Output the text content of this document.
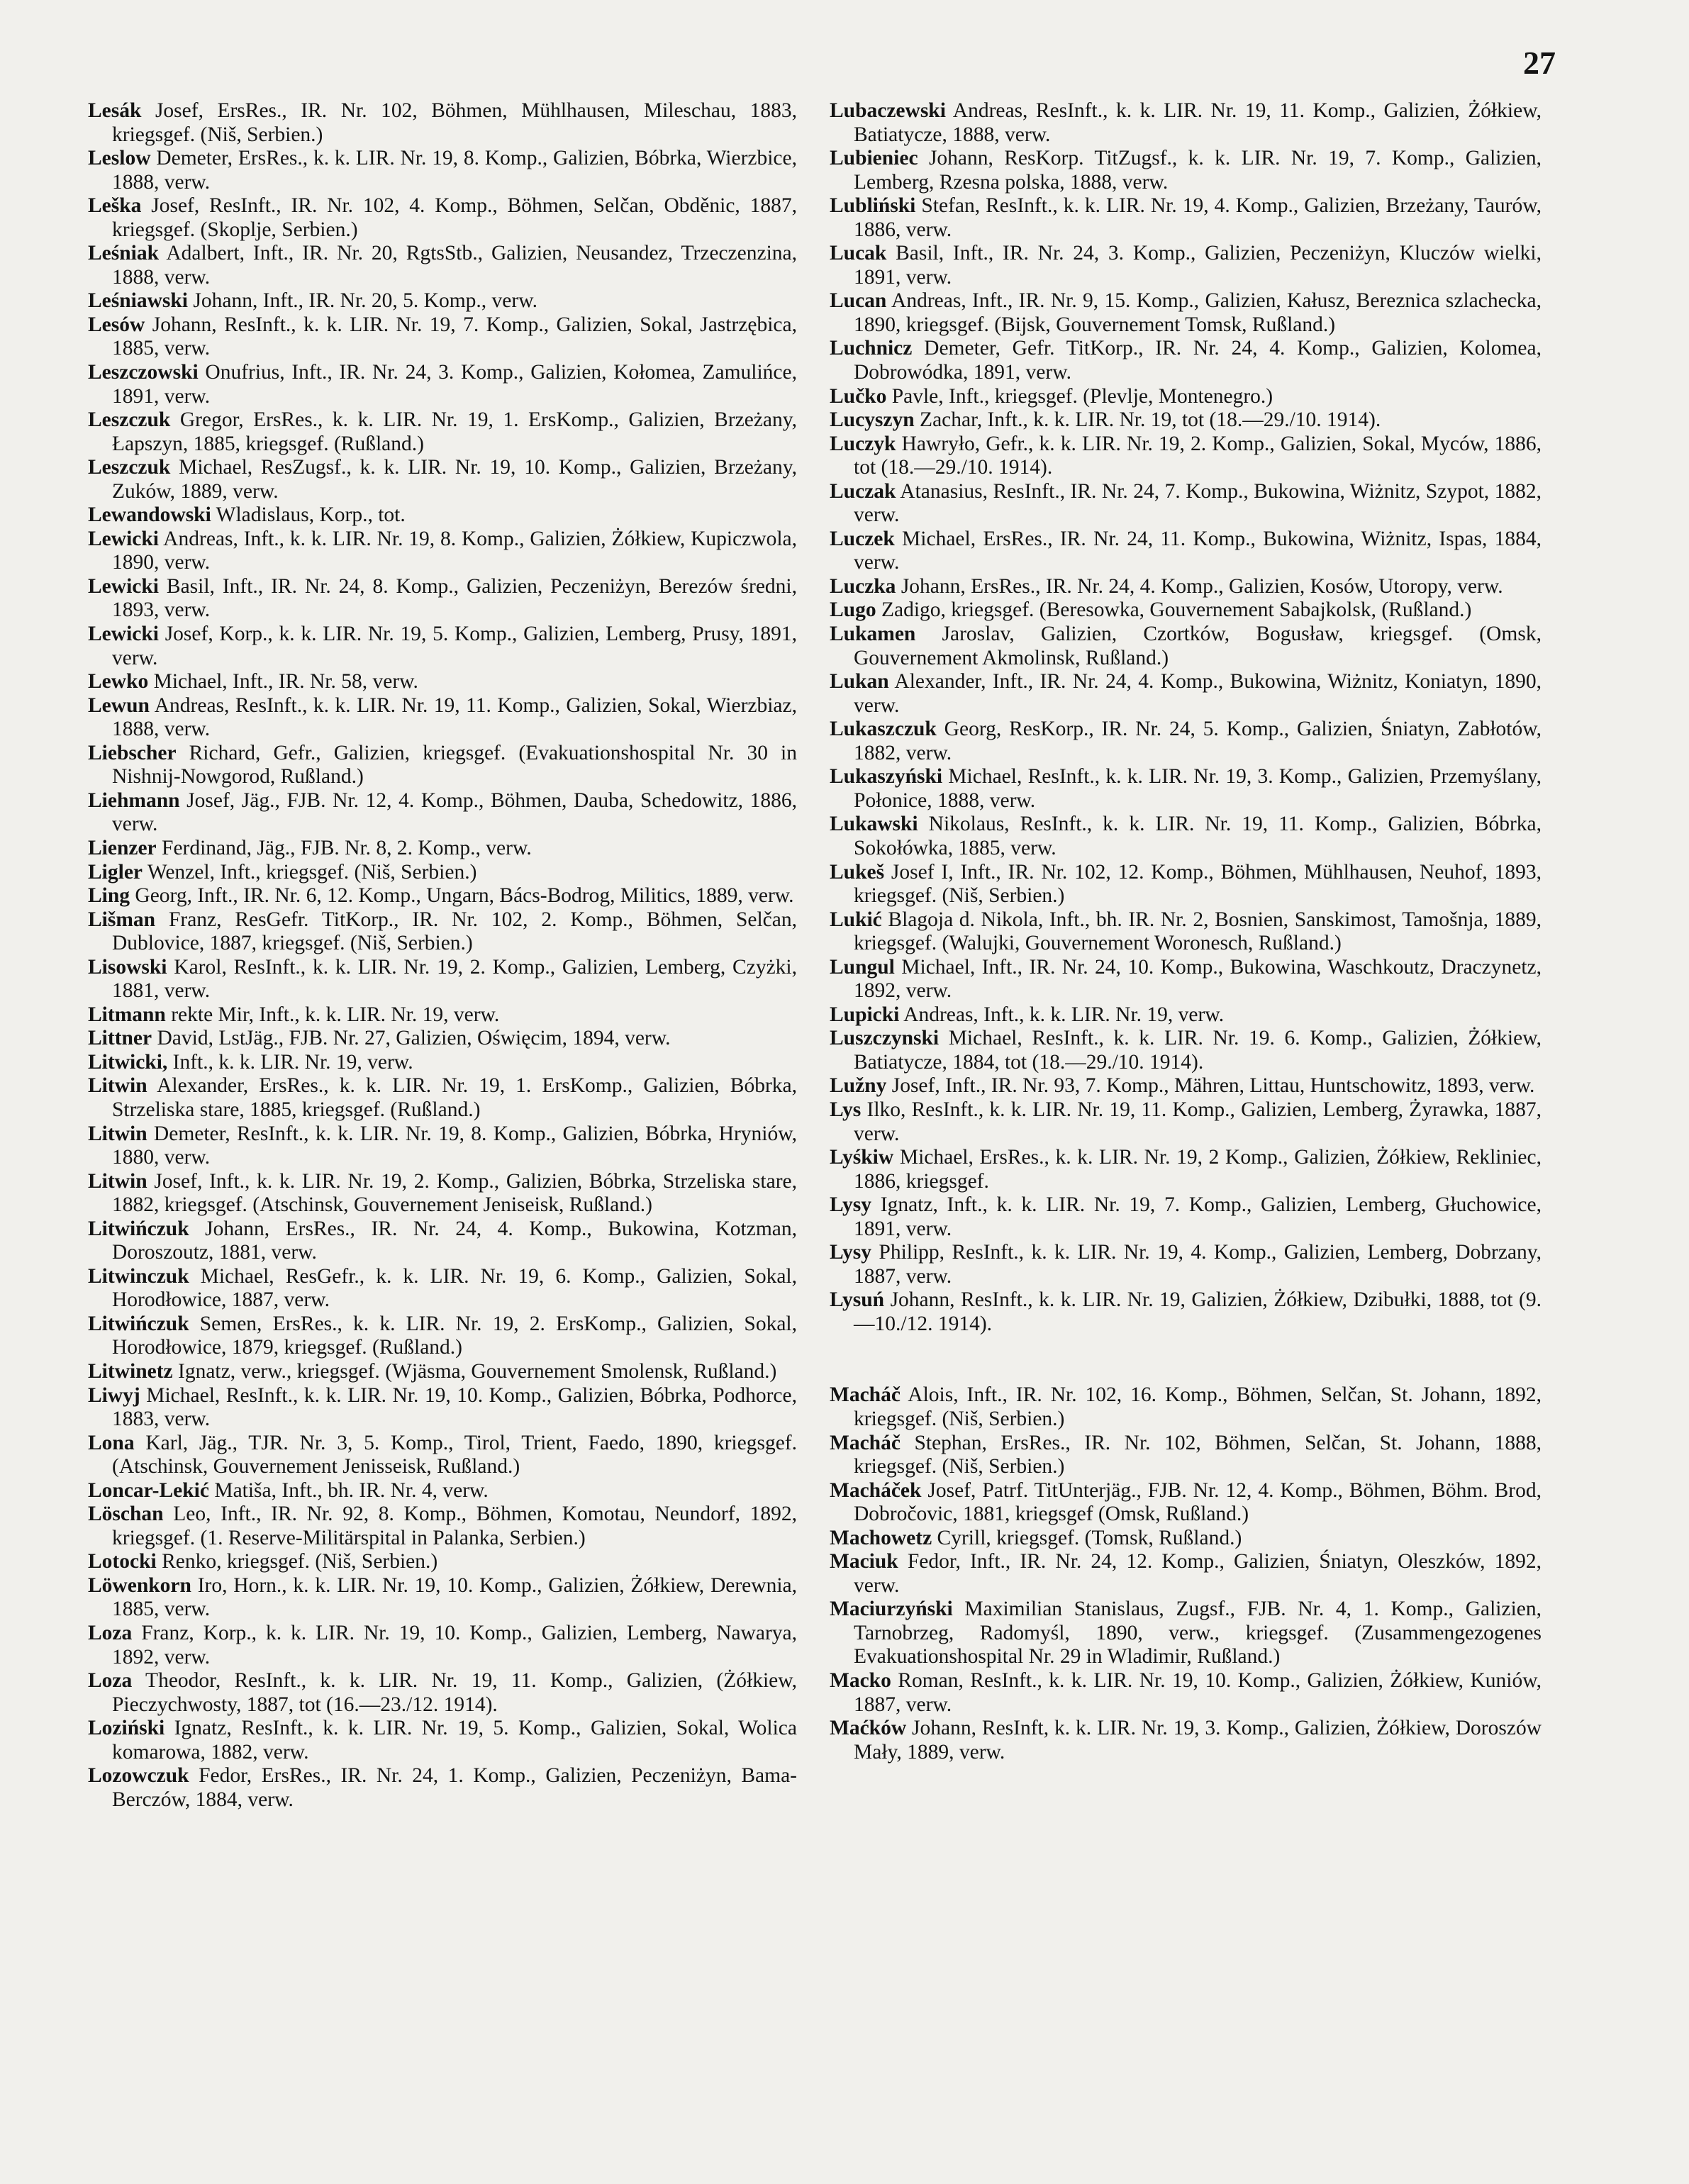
27
Lesák Josef, ErsRes., IR. Nr. 102, Böhmen, Mühlhausen, Mileschau, 1883, kriegsgef. (Niš, Serbien.)
Leslow Demeter, ErsRes., k. k. LIR. Nr. 19, 8. Komp., Galizien, Bóbrka, Wierzbice, 1888, verw.
Leška Josef, ResInft., IR. Nr. 102, 4. Komp., Böhmen, Selčan, Obděnic, 1887, kriegsgef. (Skoplje, Serbien.)
Leśniak Adalbert, Inft., IR. Nr. 20, RgtsStb., Galizien, Neusandez, Trzeczenzina, 1888, verw.
Leśniawski Johann, Inft., IR. Nr. 20, 5. Komp., verw.
Lesów Johann, ResInft., k. k. LIR. Nr. 19, 7. Komp., Galizien, Sokal, Jastrzębica, 1885, verw.
Leszczowski Onufrius, Inft., IR. Nr. 24, 3. Komp., Galizien, Kołomea, Zamulińce, 1891, verw.
Leszczuk Gregor, ErsRes., k. k. LIR. Nr. 19, 1. ErsKomp., Galizien, Brzeżany, Łapszyn, 1885, kriegsgef. (Rußland.)
Leszczuk Michael, ResZugsf., k. k. LIR. Nr. 19, 10. Komp., Galizien, Brzeżany, Zuków, 1889, verw.
Lewandowski Wladislaus, Korp., tot.
Lewicki Andreas, Inft., k. k. LIR. Nr. 19, 8. Komp., Galizien, Żółkiew, Kupiczwola, 1890, verw.
Lewicki Basil, Inft., IR. Nr. 24, 8. Komp., Galizien, Peczeniżyn, Berezów średni, 1893, verw.
Lewicki Josef, Korp., k. k. LIR. Nr. 19, 5. Komp., Galizien, Lemberg, Prusy, 1891, verw.
Lewko Michael, Inft., IR. Nr. 58, verw.
Lewun Andreas, ResInft., k. k. LIR. Nr. 19, 11. Komp., Galizien, Sokal, Wierzbiaz, 1888, verw.
Liebscher Richard, Gefr., Galizien, kriegsgef. (Evakuationshospital Nr. 30 in Nishnij-Nowgorod, Rußland.)
Liehmann Josef, Jäg., FJB. Nr. 12, 4. Komp., Böhmen, Dauba, Schedowitz, 1886, verw.
Lienzer Ferdinand, Jäg., FJB. Nr. 8, 2. Komp., verw.
Ligler Wenzel, Inft., kriegsgef. (Niš, Serbien.)
Ling Georg, Inft., IR. Nr. 6, 12. Komp., Ungarn, Bács-Bodrog, Militics, 1889, verw.
Lišman Franz, ResGefr. TitKorp., IR. Nr. 102, 2. Komp., Böhmen, Selčan, Dublovice, 1887, kriegsgef. (Niš, Serbien.)
Lisowski Karol, ResInft., k. k. LIR. Nr. 19, 2. Komp., Galizien, Lemberg, Czyżki, 1881, verw.
Litmann rekte Mir, Inft., k. k. LIR. Nr. 19, verw.
Littner David, LstJäg., FJB. Nr. 27, Galizien, Oświęcim, 1894, verw.
Litwicki, Inft., k. k. LIR. Nr. 19, verw.
Litwin Alexander, ErsRes., k. k. LIR. Nr. 19, 1. ErsKomp., Galizien, Bóbrka, Strzeliska stare, 1885, kriegsgef. (Rußland.)
Litwin Demeter, ResInft., k. k. LIR. Nr. 19, 8. Komp., Galizien, Bóbrka, Hryniów, 1880, verw.
Litwin Josef, Inft., k. k. LIR. Nr. 19, 2. Komp., Galizien, Bóbrka, Strzeliska stare, 1882, kriegsgef. (Atschinsk, Gouvernement Jeniseisk, Rußland.)
Litwińczuk Johann, ErsRes., IR. Nr. 24, 4. Komp., Bukowina, Kotzman, Doroszoutz, 1881, verw.
Litwinczuk Michael, ResGefr., k. k. LIR. Nr. 19, 6. Komp., Galizien, Sokal, Horodłowice, 1887, verw.
Litwińczuk Semen, ErsRes., k. k. LIR. Nr. 19, 2. ErsKomp., Galizien, Sokal, Horodłowice, 1879, kriegsgef. (Rußland.)
Litwinetz Ignatz, verw., kriegsgef. (Wjäsma, Gouvernement Smolensk, Rußland.)
Liwyj Michael, ResInft., k. k. LIR. Nr. 19, 10. Komp., Galizien, Bóbrka, Podhorce, 1883, verw.
Lona Karl, Jäg., TJR. Nr. 3, 5. Komp., Tirol, Trient, Faedo, 1890, kriegsgef. (Atschinsk, Gouvernement Jenisseisk, Rußland.)
Loncar-Lekić Matiša, Inft., bh. IR. Nr. 4, verw.
Löschan Leo, Inft., IR. Nr. 92, 8. Komp., Böhmen, Komotau, Neundorf, 1892, kriegsgef. (1. Reserve-Militärspital in Palanka, Serbien.)
Lotocki Renko, kriegsgef. (Niš, Serbien.)
Löwenkorn Iro, Horn., k. k. LIR. Nr. 19, 10. Komp., Galizien, Żółkiew, Derewnia, 1885, verw.
Loza Franz, Korp., k. k. LIR. Nr. 19, 10. Komp., Galizien, Lemberg, Nawarya, 1892, verw.
Loza Theodor, ResInft., k. k. LIR. Nr. 19, 11. Komp., Galizien, (Żółkiew, Pieczychwosty, 1887, tot (16.—23./12. 1914).
Loziński Ignatz, ResInft., k. k. LIR. Nr. 19, 5. Komp., Galizien, Sokal, Wolica komarowa, 1882, verw.
Lozowczuk Fedor, ErsRes., IR. Nr. 24, 1. Komp., Galizien, Peczeniżyn, Bama-Berczów, 1884, verw.
Lubaczewski Andreas, ResInft., k. k. LIR. Nr. 19, 11. Komp., Galizien, Żółkiew, Batiatycze, 1888, verw.
Lubieniec Johann, ResKorp. TitZugsf., k. k. LIR. Nr. 19, 7. Komp., Galizien, Lemberg, Rzesna polska, 1888, verw.
Lubliński Stefan, ResInft., k. k. LIR. Nr. 19, 4. Komp., Galizien, Brzeżany, Taurów, 1886, verw.
Lucak Basil, Inft., IR. Nr. 24, 3. Komp., Galizien, Peczeniżyn, Kluczów wielki, 1891, verw.
Lucan Andreas, Inft., IR. Nr. 9, 15. Komp., Galizien, Kałusz, Bereznica szlachecka, 1890, kriegsgef. (Bijsk, Gouvernement Tomsk, Rußland.)
Luchnicz Demeter, Gefr. TitKorp., IR. Nr. 24, 4. Komp., Galizien, Kolomea, Dobrowódka, 1891, verw.
Lučko Pavle, Inft., kriegsgef. (Plevlje, Montenegro.)
Lucyszyn Zachar, Inft., k. k. LIR. Nr. 19, tot (18.—29./10. 1914).
Luczyk Hawryło, Gefr., k. k. LIR. Nr. 19, 2. Komp., Galizien, Sokal, Myców, 1886, tot (18.—29./10. 1914).
Luczak Atanasius, ResInft., IR. Nr. 24, 7. Komp., Bukowina, Wiżnitz, Szypot, 1882, verw.
Luczek Michael, ErsRes., IR. Nr. 24, 11. Komp., Bukowina, Wiżnitz, Ispas, 1884, verw.
Luczka Johann, ErsRes., IR. Nr. 24, 4. Komp., Galizien, Kosów, Utoropy, verw.
Lugo Zadigo, kriegsgef. (Beresowka, Gouvernement Sabajkolsk, (Rußland.)
Lukamen Jaroslav, Galizien, Czortków, Bogusław, kriegsgef. (Omsk, Gouvernement Akmolinsk, Rußland.)
Lukan Alexander, Inft., IR. Nr. 24, 4. Komp., Bukowina, Wiżnitz, Koniatyn, 1890, verw.
Lukaszczuk Georg, ResKorp., IR. Nr. 24, 5. Komp., Galizien, Śniatyn, Zabłotów, 1882, verw.
Lukaszyński Michael, ResInft., k. k. LIR. Nr. 19, 3. Komp., Galizien, Przemyślany, Połonice, 1888, verw.
Lukawski Nikolaus, ResInft., k. k. LIR. Nr. 19, 11. Komp., Galizien, Bóbrka, Sokołówka, 1885, verw.
Lukeš Josef I, Inft., IR. Nr. 102, 12. Komp., Böhmen, Mühlhausen, Neuhof, 1893, kriegsgef. (Niš, Serbien.)
Lukić Blagoja d. Nikola, Inft., bh. IR. Nr. 2, Bosnien, Sanskimost, Tamošnja, 1889, kriegsgef. (Walujki, Gouvernement Woronesch, Rußland.)
Lungul Michael, Inft., IR. Nr. 24, 10. Komp., Bukowina, Waschkoutz, Draczynetz, 1892, verw.
Lupicki Andreas, Inft., k. k. LIR. Nr. 19, verw.
Luszczynski Michael, ResInft., k. k. LIR. Nr. 19. 6. Komp., Galizien, Żółkiew, Batiatycze, 1884, tot (18.—29./10. 1914).
Lužny Josef, Inft., IR. Nr. 93, 7. Komp., Mähren, Littau, Huntschowitz, 1893, verw.
Lys Ilko, ResInft., k. k. LIR. Nr. 19, 11. Komp., Galizien, Lemberg, Żyrawka, 1887, verw.
Lyśkiw Michael, ErsRes., k. k. LIR. Nr. 19, 2 Komp., Galizien, Żółkiew, Rekliniec, 1886, kriegsgef.
Lysy Ignatz, Inft., k. k. LIR. Nr. 19, 7. Komp., Galizien, Lemberg, Głuchowice, 1891, verw.
Lysy Philipp, ResInft., k. k. LIR. Nr. 19, 4. Komp., Galizien, Lemberg, Dobrzany, 1887, verw.
Lysuń Johann, ResInft., k. k. LIR. Nr. 19, Galizien, Żółkiew, Dzibułki, 1888, tot (9.—10./12. 1914).
Macháč Alois, Inft., IR. Nr. 102, 16. Komp., Böhmen, Selčan, St. Johann, 1892, kriegsgef. (Niš, Serbien.)
Macháč Stephan, ErsRes., IR. Nr. 102, Böhmen, Selčan, St. Johann, 1888, kriegsgef. (Niš, Serbien.)
Macháček Josef, Patrf. TitUnterjäg., FJB. Nr. 12, 4. Komp., Böhmen, Böhm. Brod, Dobročovic, 1881, kriegsgef (Omsk, Rußland.)
Machowetz Cyrill, kriegsgef. (Tomsk, Rußland.)
Maciuk Fedor, Inft., IR. Nr. 24, 12. Komp., Galizien, Śniatyn, Oleszków, 1892, verw.
Maciurzyński Maximilian Stanislaus, Zugsf., FJB. Nr. 4, 1. Komp., Galizien, Tarnobrzeg, Radomyśl, 1890, verw., kriegsgef. (Zusammengezogenes Evakuationshospital Nr. 29 in Wladimir, Rußland.)
Macko Roman, ResInft., k. k. LIR. Nr. 19, 10. Komp., Galizien, Żółkiew, Kuniów, 1887, verw.
Maćków Johann, ResInft, k. k. LIR. Nr. 19, 3. Komp., Galizien, Żółkiew, Doroszów Mały, 1889, verw.
